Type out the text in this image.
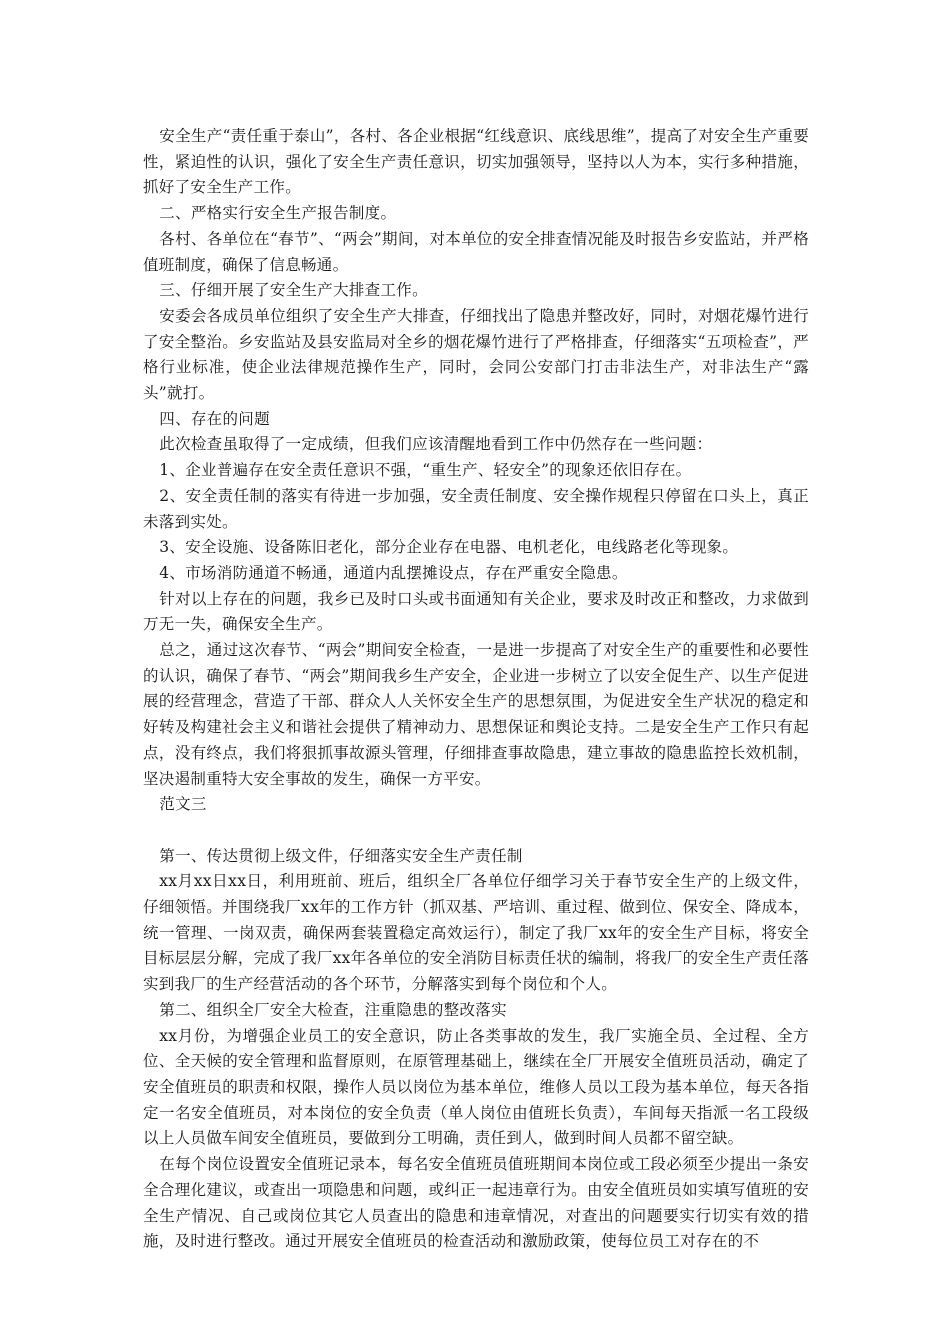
安全生产“责任重于泰山”，各村、各企业根据“红线意识、底线思维”，提高了对安全生产重要性，紧迫性的认识，强化了安全生产责任意识，切实加强领导，坚持以人为本，实行多种措施，抓好了安全生产工作。

二、严格实行安全生产报告制度。

各村、各单位在“春节”、“两会”期间，对本单位的安全排查情况能及时报告乡安监站，并严格值班制度，确保了信息畅通。

三、仔细开展了安全生产大排查工作。

安委会各成员单位组织了安全生产大排查，仔细找出了隐患并整改好，同时，对烟花爆竹进行了安全整治。乡安监站及县安监局对全乡的烟花爆竹进行了严格排查，仔细落实“五项检查”，严格行业标准，使企业法律规范操作生产，同时，会同公安部门打击非法生产，对非法生产“露头”就打。

四、存在的问题

此次检查虽取得了一定成绩，但我们应该清醒地看到工作中仍然存在一些问题：

1、企业普遍存在安全责任意识不强，“重生产、轻安全”的现象还依旧存在。

2、安全责任制的落实有待进一步加强，安全责任制度、安全操作规程只停留在口头上，真正未落到实处。

3、安全设施、设备陈旧老化，部分企业存在电器、电机老化，电线路老化等现象。

4、市场消防通道不畅通，通道内乱摆摊设点，存在严重安全隐患。

针对以上存在的问题，我乡已及时口头或书面通知有关企业，要求及时改正和整改，力求做到万无一失，确保安全生产。

总之，通过这次春节、“两会”期间安全检查，一是进一步提高了对安全生产的重要性和必要性的认识，确保了春节、“两会”期间我乡生产安全，企业进一步树立了以安全促生产、以生产促进展的经营理念，营造了干部、群众人人关怀安全生产的思想氛围，为促进安全生产状况的稳定和好转及构建社会主义和谐社会提供了精神动力、思想保证和舆论支持。二是安全生产工作只有起点，没有终点，我们将狠抓事故源头管理，仔细排查事故隐患，建立事故的隐患监控长效机制，坚决遏制重特大安全事故的发生，确保一方平安。

范文三

第一、传达贯彻上级文件，仔细落实安全生产责任制

xx月xx日xx日，利用班前、班后，组织全厂各单位仔细学习关于春节安全生产的上级文件，仔细领悟。并围绕我厂xx年的工作方针（抓双基、严培训、重过程、做到位、保安全、降成本，统一管理、一岗双责，确保两套装置稳定高效运行），制定了我厂xx年的安全生产目标，将安全目标层层分解，完成了我厂xx年各单位的安全消防目标责任状的编制，将我厂的安全生产责任落实到我厂的生产经营活动的各个环节，分解落实到每个岗位和个人。

第二、组织全厂安全大检查，注重隐患的整改落实

xx月份，为增强企业员工的安全意识，防止各类事故的发生，我厂实施全员、全过程、全方位、全天候的安全管理和监督原则，在原管理基础上，继续在全厂开展安全值班员活动，确定了安全值班员的职责和权限，操作人员以岗位为基本单位，维修人员以工段为基本单位，每天各指定一名安全值班员，对本岗位的安全负责（单人岗位由值班长负责），车间每天指派一名工段级以上人员做车间安全值班员，要做到分工明确，责任到人，做到时间人员都不留空缺。

在每个岗位设置安全值班记录本，每名安全值班员值班期间本岗位或工段必须至少提出一条安全合理化建议，或查出一项隐患和问题，或纠正一起违章行为。由安全值班员如实填写值班的安全生产情况、自己或岗位其它人员查出的隐患和违章情况，对查出的问题要实行切实有效的措施，及时进行整改。通过开展安全值班员的检查活动和激励政策，使每位员工对存在的不
